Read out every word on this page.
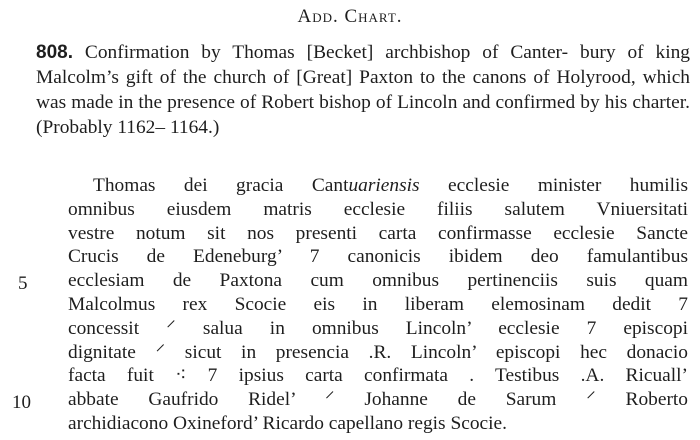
Add. Chart.
808. Confirmation by Thomas [Becket] archbishop of Canter- bury of king Malcolm’s gift of the church of [Great] Paxton to the canons of Holyrood, which was made in the presence of Robert bishop of Lincoln and confirmed by his charter. (Probably 1162– 1164.)
5
10
Thomas dei gracia Cantuariensis ecclesie minister humilis
omnibus eiusdem matris ecclesie filiis salutem Vniuersitati
vestre notum sit nos presenti carta confirmasse ecclesie Sancte
Crucis de Edeneburg’ 7 canonicis ibidem deo famulantibus
ecclesiam de Paxtona cum omnibus pertinenciis suis quam
Malcolmus rex Scocie eis in liberam elemosinam dedit 7
concessit ⸍ salua in omnibus Lincoln’ ecclesie 7 episcopi
dignitate ⸍ sicut in presencia .R. Lincoln’ episcopi hec donacio
facta fuit ⁖ 7 ipsius carta confirmata . Testibus .A. Ricuall’
abbate Gaufrido Ridel’ ⸍ Johanne de Sarum ⸍ Roberto
archidiacono Oxineford’ Ricardo capellano regis Scocie.
